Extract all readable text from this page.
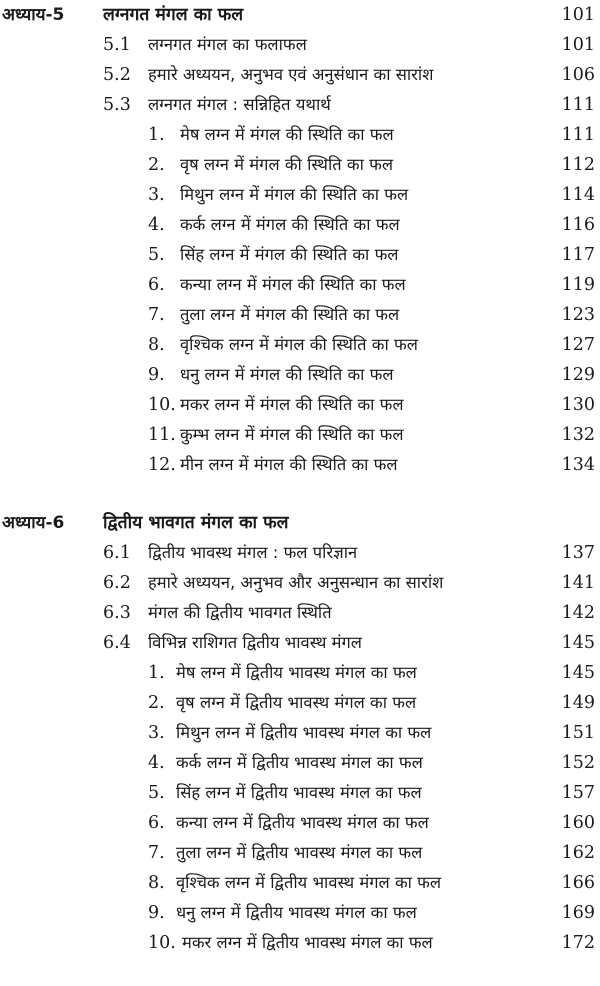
अध्याय-5 लग्नगत मंगल का फल	101
5.1 लग्नगत मंगल का फलाफल	101
5.2 हमारे अध्ययन, अनुभव एवं अनुसंधान का सारांश	106
5.3 लग्नगत मंगल : सन्निहित यथार्थ	111
1. मेष लग्न में मंगल की स्थिति का फल	111
2. वृष लग्न में मंगल की स्थिति का फल	112
3. मिथुन लग्न में मंगल की स्थिति का फल	114
4. कर्क लग्न में मंगल की स्थिति का फल	116
5. सिंह लग्न में मंगल की स्थिति का फल	117
6. कन्या लग्न में मंगल की स्थिति का फल	119
7. तुला लग्न में मंगल की स्थिति का फल	123
8. वृश्चिक लग्न में मंगल की स्थिति का फल	127
9. धनु लग्न में मंगल की स्थिति का फल	129
10. मकर लग्न में मंगल की स्थिति का फल	130
11. कुम्भ लग्न में मंगल की स्थिति का फल	132
12. मीन लग्न में मंगल की स्थिति का फल	134
अध्याय-6 द्वितीय भावगत मंगल का फल
6.1 द्वितीय भावस्थ मंगल : फल परिज्ञान	137
6.2 हमारे अध्ययन, अनुभव और अनुसन्धान का सारांश	141
6.3 मंगल की द्वितीय भावगत स्थिति	142
6.4 विभिन्न राशिगत द्वितीय भावस्थ मंगल	145
1. मेष लग्न में द्वितीय भावस्थ मंगल का फल	145
2. वृष लग्न में द्वितीय भावस्थ मंगल का फल	149
3. मिथुन लग्न में द्वितीय भावस्थ मंगल का फल	151
4. कर्क लग्न में द्वितीय भावस्थ मंगल का फल	152
5. सिंह लग्न में द्वितीय भावस्थ मंगल का फल	157
6. कन्या लग्न में द्वितीय भावस्थ मंगल का फल	160
7. तुला लग्न में द्वितीय भावस्थ मंगल का फल	162
8. वृश्चिक लग्न में द्वितीय भावस्थ मंगल का फल	166
9. धनु लग्न में द्वितीय भावस्थ मंगल का फल	169
10. मकर लग्न में द्वितीय भावस्थ मंगल का फल	172
